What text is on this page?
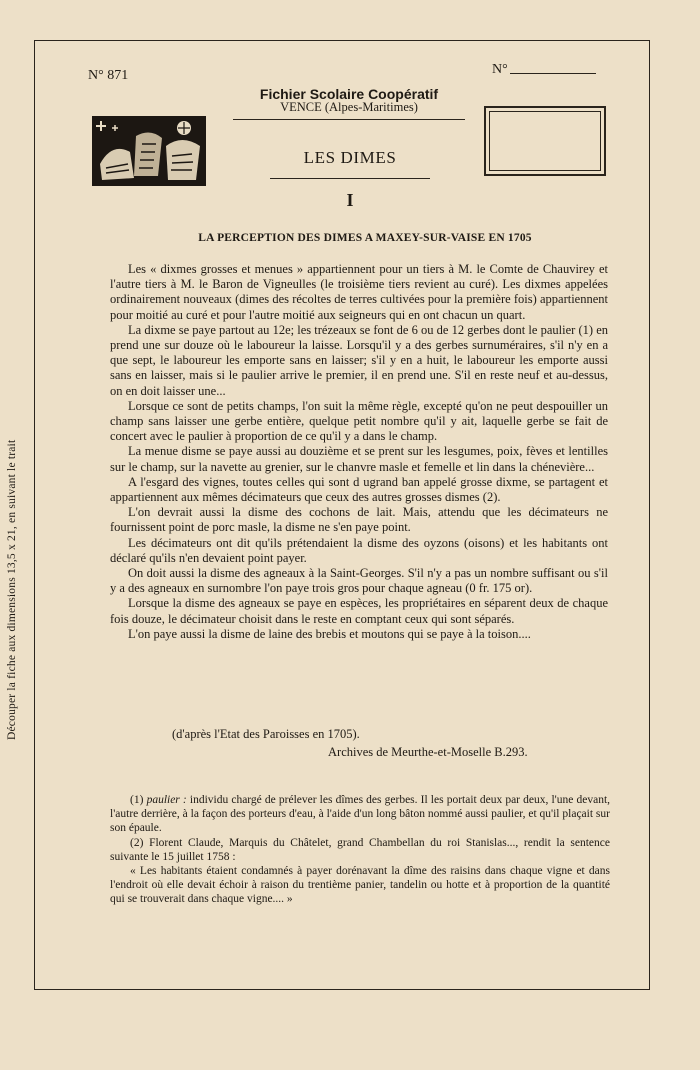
Découper la fiche aux dimensions 13,5 x 21, en suivant le trait
N° 871	N°
Fichier Scolaire Coopératif
VENCE (Alpes-Maritimes)
LES DIMES
I
LA PERCEPTION DES DIMES A MAXEY-SUR-VAISE EN 1705

Les « dixmes grosses et menues » appartiennent pour un tiers à M. le Comte de Chauvirey et l'autre tiers à M. le Baron de Vigneulles (le troisième tiers revient au curé). Les dixmes appelées ordinairement nouveaux (dimes des récoltes de terres cultivées pour la première fois) appartiennent pour moitié au curé et pour l'autre moitié aux seigneurs qui en ont chacun un quart.

La dixme se paye partout au 12e; les trézeaux se font de 6 ou de 12 gerbes dont le paulier (1) en prend une sur douze où le laboureur la laisse. Lorsqu'il y a des gerbes surnuméraires, s'il n'y en a que sept, le laboureur les emporte sans en laisser; s'il y en a huit, le laboureur les emporte aussi sans en laisser, mais si le paulier arrive le premier, il en prend une. S'il en reste neuf et au-dessus, on en doit laisser une...

Lorsque ce sont de petits champs, l'on suit la même règle, excepté qu'on ne peut despouiller un champ sans laisser une gerbe entière, quelque petit nombre qu'il y ait, laquelle gerbe se fait de concert avec le paulier à proportion de ce qu'il y a dans le champ.

La menue disme se paye aussi au douzième et se prent sur les lesgumes, poix, fèves et lentilles sur le champ, sur la navette au grenier, sur le chanvre masle et femelle et lin dans la chénevière...

A l'esgard des vignes, toutes celles qui sont d ugrand ban appelé grosse dixme, se partagent et appartiennent aux mêmes décimateurs que ceux des autres grosses dismes (2).

L'on devrait aussi la disme des cochons de lait. Mais, attendu que les décimateurs ne fournissent point de porc masle, la disme ne s'en paye point.

Les décimateurs ont dit qu'ils prétendaient la disme des oyzons (oisons) et les habitants ont déclaré qu'ils n'en devaient point payer.

On doit aussi la disme des agneaux à la Saint-Georges. S'il n'y a pas un nombre suffisant ou s'il y a des agneaux en surnombre l'on paye trois gros pour chaque agneau (0 fr. 175 or).

Lorsque la disme des agneaux se paye en espèces, les propriétaires en séparent deux de chaque fois douze, le décimateur choisit dans le reste en comptant ceux qui sont séparés.

L'on paye aussi la disme de laine des brebis et moutons qui se paye à la toison....

(d'après l'Etat des Paroisses en 1705).
Archives de Meurthe-et-Moselle B.293.

(1) paulier : individu chargé de prélever les dîmes des gerbes. Il les portait deux par deux, l'une devant, l'autre derrière, à la façon des porteurs d'eau, à l'aide d'un long bâton nommé aussi paulier, et qu'il plaçait sur son épaule.

(2) Florent Claude, Marquis du Châtelet, grand Chambellan du roi Stanislas..., rendit la sentence suivante le 15 juillet 1758 :

« Les habitants étaient condamnés à payer dorénavant la dîme des raisins dans chaque vigne et dans l'endroit où elle devait échoir à raison du trentième panier, tandelin ou hotte et à proportion de la quantité qui se trouverait dans chaque vigne.... »
